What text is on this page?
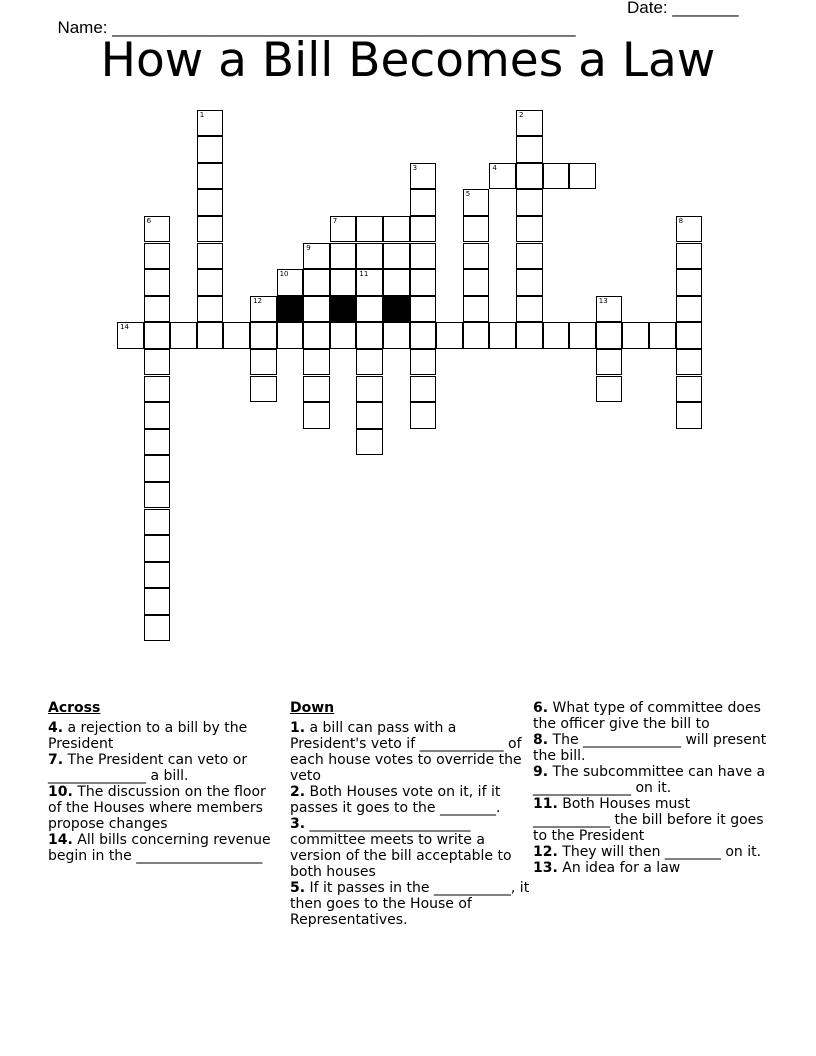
Name: _________________________________________________

Date: _______

How a Bill Becomes a Law
1	2
3	4
5
6	7	8
9
10	11
12	13
14
Across
4. a rejection to a bill by the President
7. The President can veto or ______________ a bill.
10. The discussion on the floor of the Houses where members propose changes
14. All bills concerning revenue begin in the __________________
Down
1. a bill can pass with a President's veto if ____________ of each house votes to override the veto
2. Both Houses vote on it, if it passes it goes to the ________.
3. _______________________ committee meets to write a version of the bill acceptable to both houses
5. If it passes in the ___________, it then goes to the House of Representatives.
6. What type of committee does the officer give the bill to
8. The ______________ will present the bill.
9. The subcommittee can have a ______________ on it.
11. Both Houses must ___________ the bill before it goes to the President
12. They will then ________ on it.
13. An idea for a law
